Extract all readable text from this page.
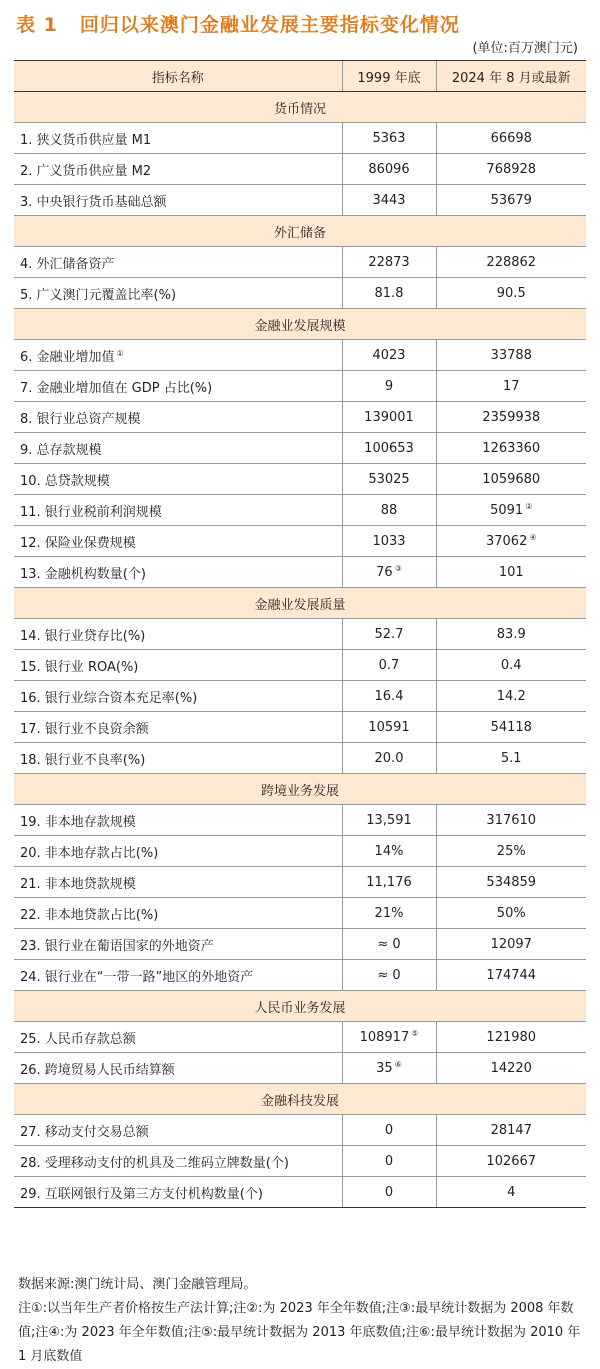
表 1 回归以来澳门金融业发展主要指标变化情况
(单位:百万澳门元)
指标名称	1999 年底	2024 年 8 月或最新
货币情况		
1. 狭义货币供应量 M1	5363	66698
2. 广义货币供应量 M2	86096	768928
3. 中央银行货币基础总额	3443	53679
外汇储备		
4. 外汇储备资产	22873	228862
5. 广义澳门元覆盖比率(%)	81.8	90.5
金融业发展规模		
6. 金融业增加值 ①	4023	33788
7. 金融业增加值在 GDP 占比(%)	9	17
8. 银行业总资产规模	139001	2359938
9. 总存款规模	100653	1263360
10. 总贷款规模	53025	1059680
11. 银行业税前利润规模	88	5091 ②
12. 保险业保费规模	1033	37062 ④
13. 金融机构数量(个)	76 ③	101
金融业发展质量		
14. 银行业贷存比(%)	52.7	83.9
15. 银行业 ROA(%)	0.7	0.4
16. 银行业综合资本充足率(%)	16.4	14.2
17. 银行业不良资余额	10591	54118
18. 银行业不良率(%)	20.0	5.1
跨境业务发展		
19. 非本地存款规模	13,591	317610
20. 非本地存款占比(%)	14%	25%
21. 非本地贷款规模	11,176	534859
22. 非本地贷款占比(%)	21%	50%
23. 银行业在葡语国家的外地资产	≈ 0	12097
24. 银行业在“一带一路”地区的外地资产	≈ 0	174744
人民币业务发展		
25. 人民币存款总额	108917 ⑤	121980
26. 跨境贸易人民币结算额	35 ⑥	14220
金融科技发展		
27. 移动支付交易总额	0	28147
28. 受理移动支付的机具及二维码立牌数量(个)	0	102667
29. 互联网银行及第三方支付机构数量(个)	0	4

数据来源:澳门统计局、澳门金融管理局。

注①:以当年生产者价格按生产法计算;注②:为 2023 年全年数值;注③:最早统计数据为 2008 年数值;注④:为 2023 年全年数值;注⑤:最早统计数据为 2013 年底数值;注⑥:最早统计数据为 2010 年 1 月底数值
